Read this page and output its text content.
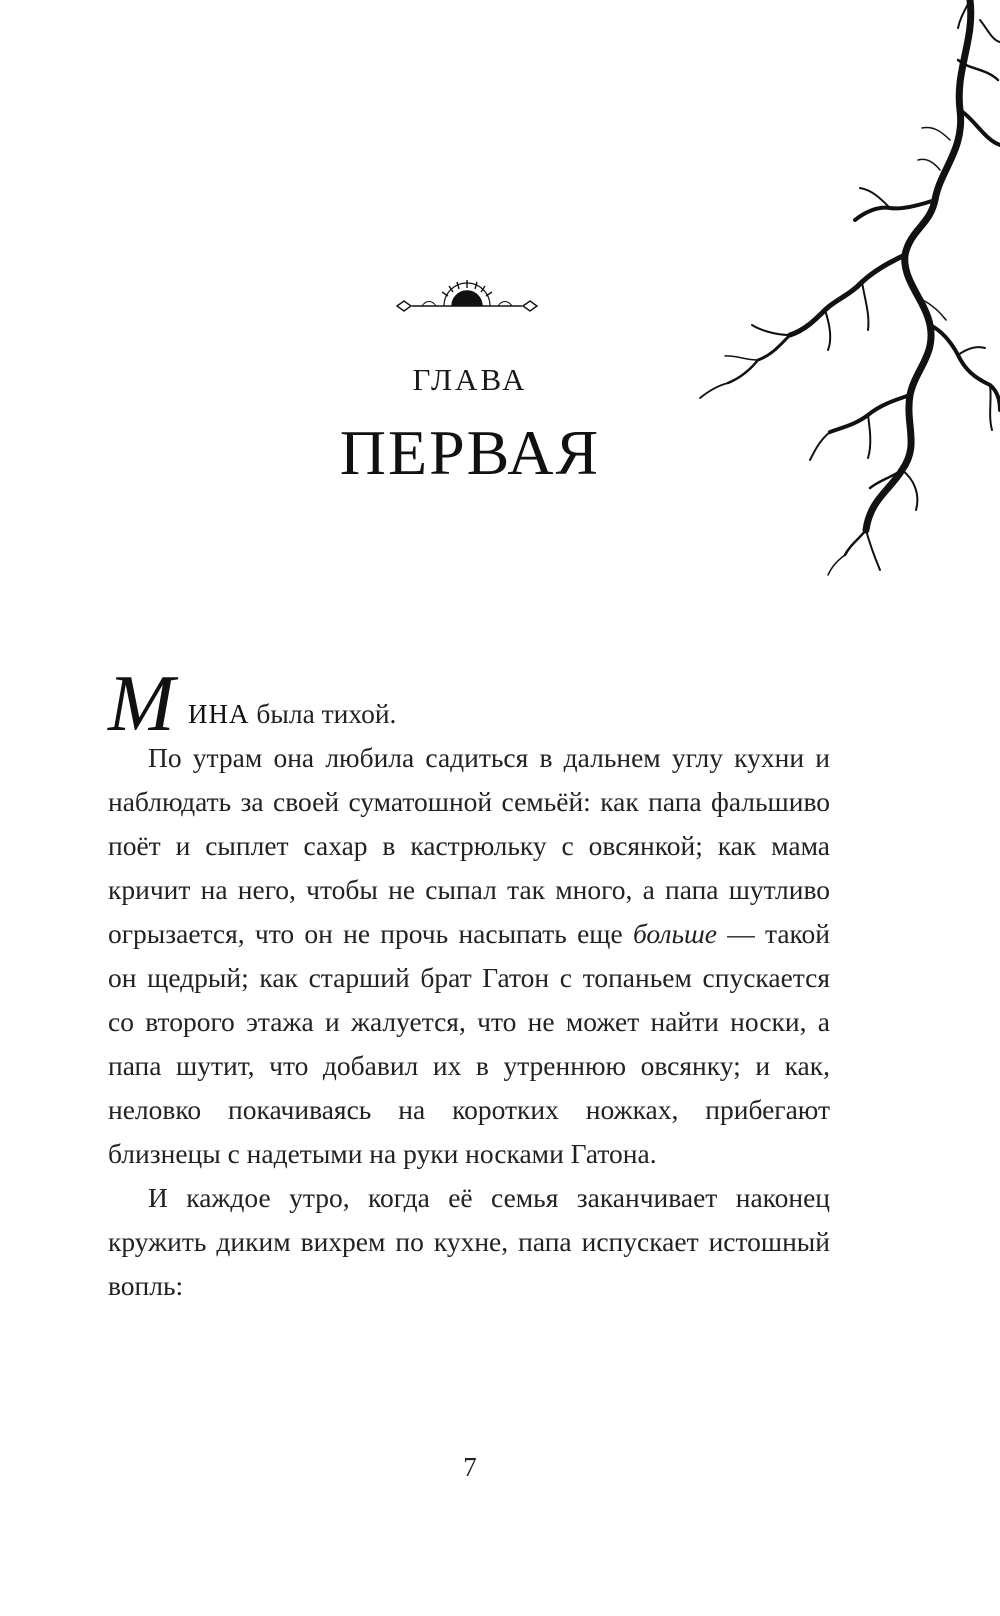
ГЛАВА
ПЕРВАЯ
М ИНА была тихой.

По утрам она любила садиться в дальнем углу кухни и наблюдать за своей суматошной семьёй: как папа фальшиво поёт и сыплет сахар в кастрюльку с овсянкой; как мама кричит на него, чтобы не сыпал так много, а папа шутливо огрызается, что он не прочь насыпать еще больше — такой он щедрый; как старший брат Гатон с топаньем спускается со второго этажа и жалуется, что не может найти носки, а папа шутит, что добавил их в утреннюю овсянку; и как, неловко покачиваясь на коротких ножках, прибегают близнецы с надетыми на руки носками Гатона.

И каждое утро, когда её семья заканчивает наконец кружить диким вихрем по кухне, папа испускает истошный вопль:

7
